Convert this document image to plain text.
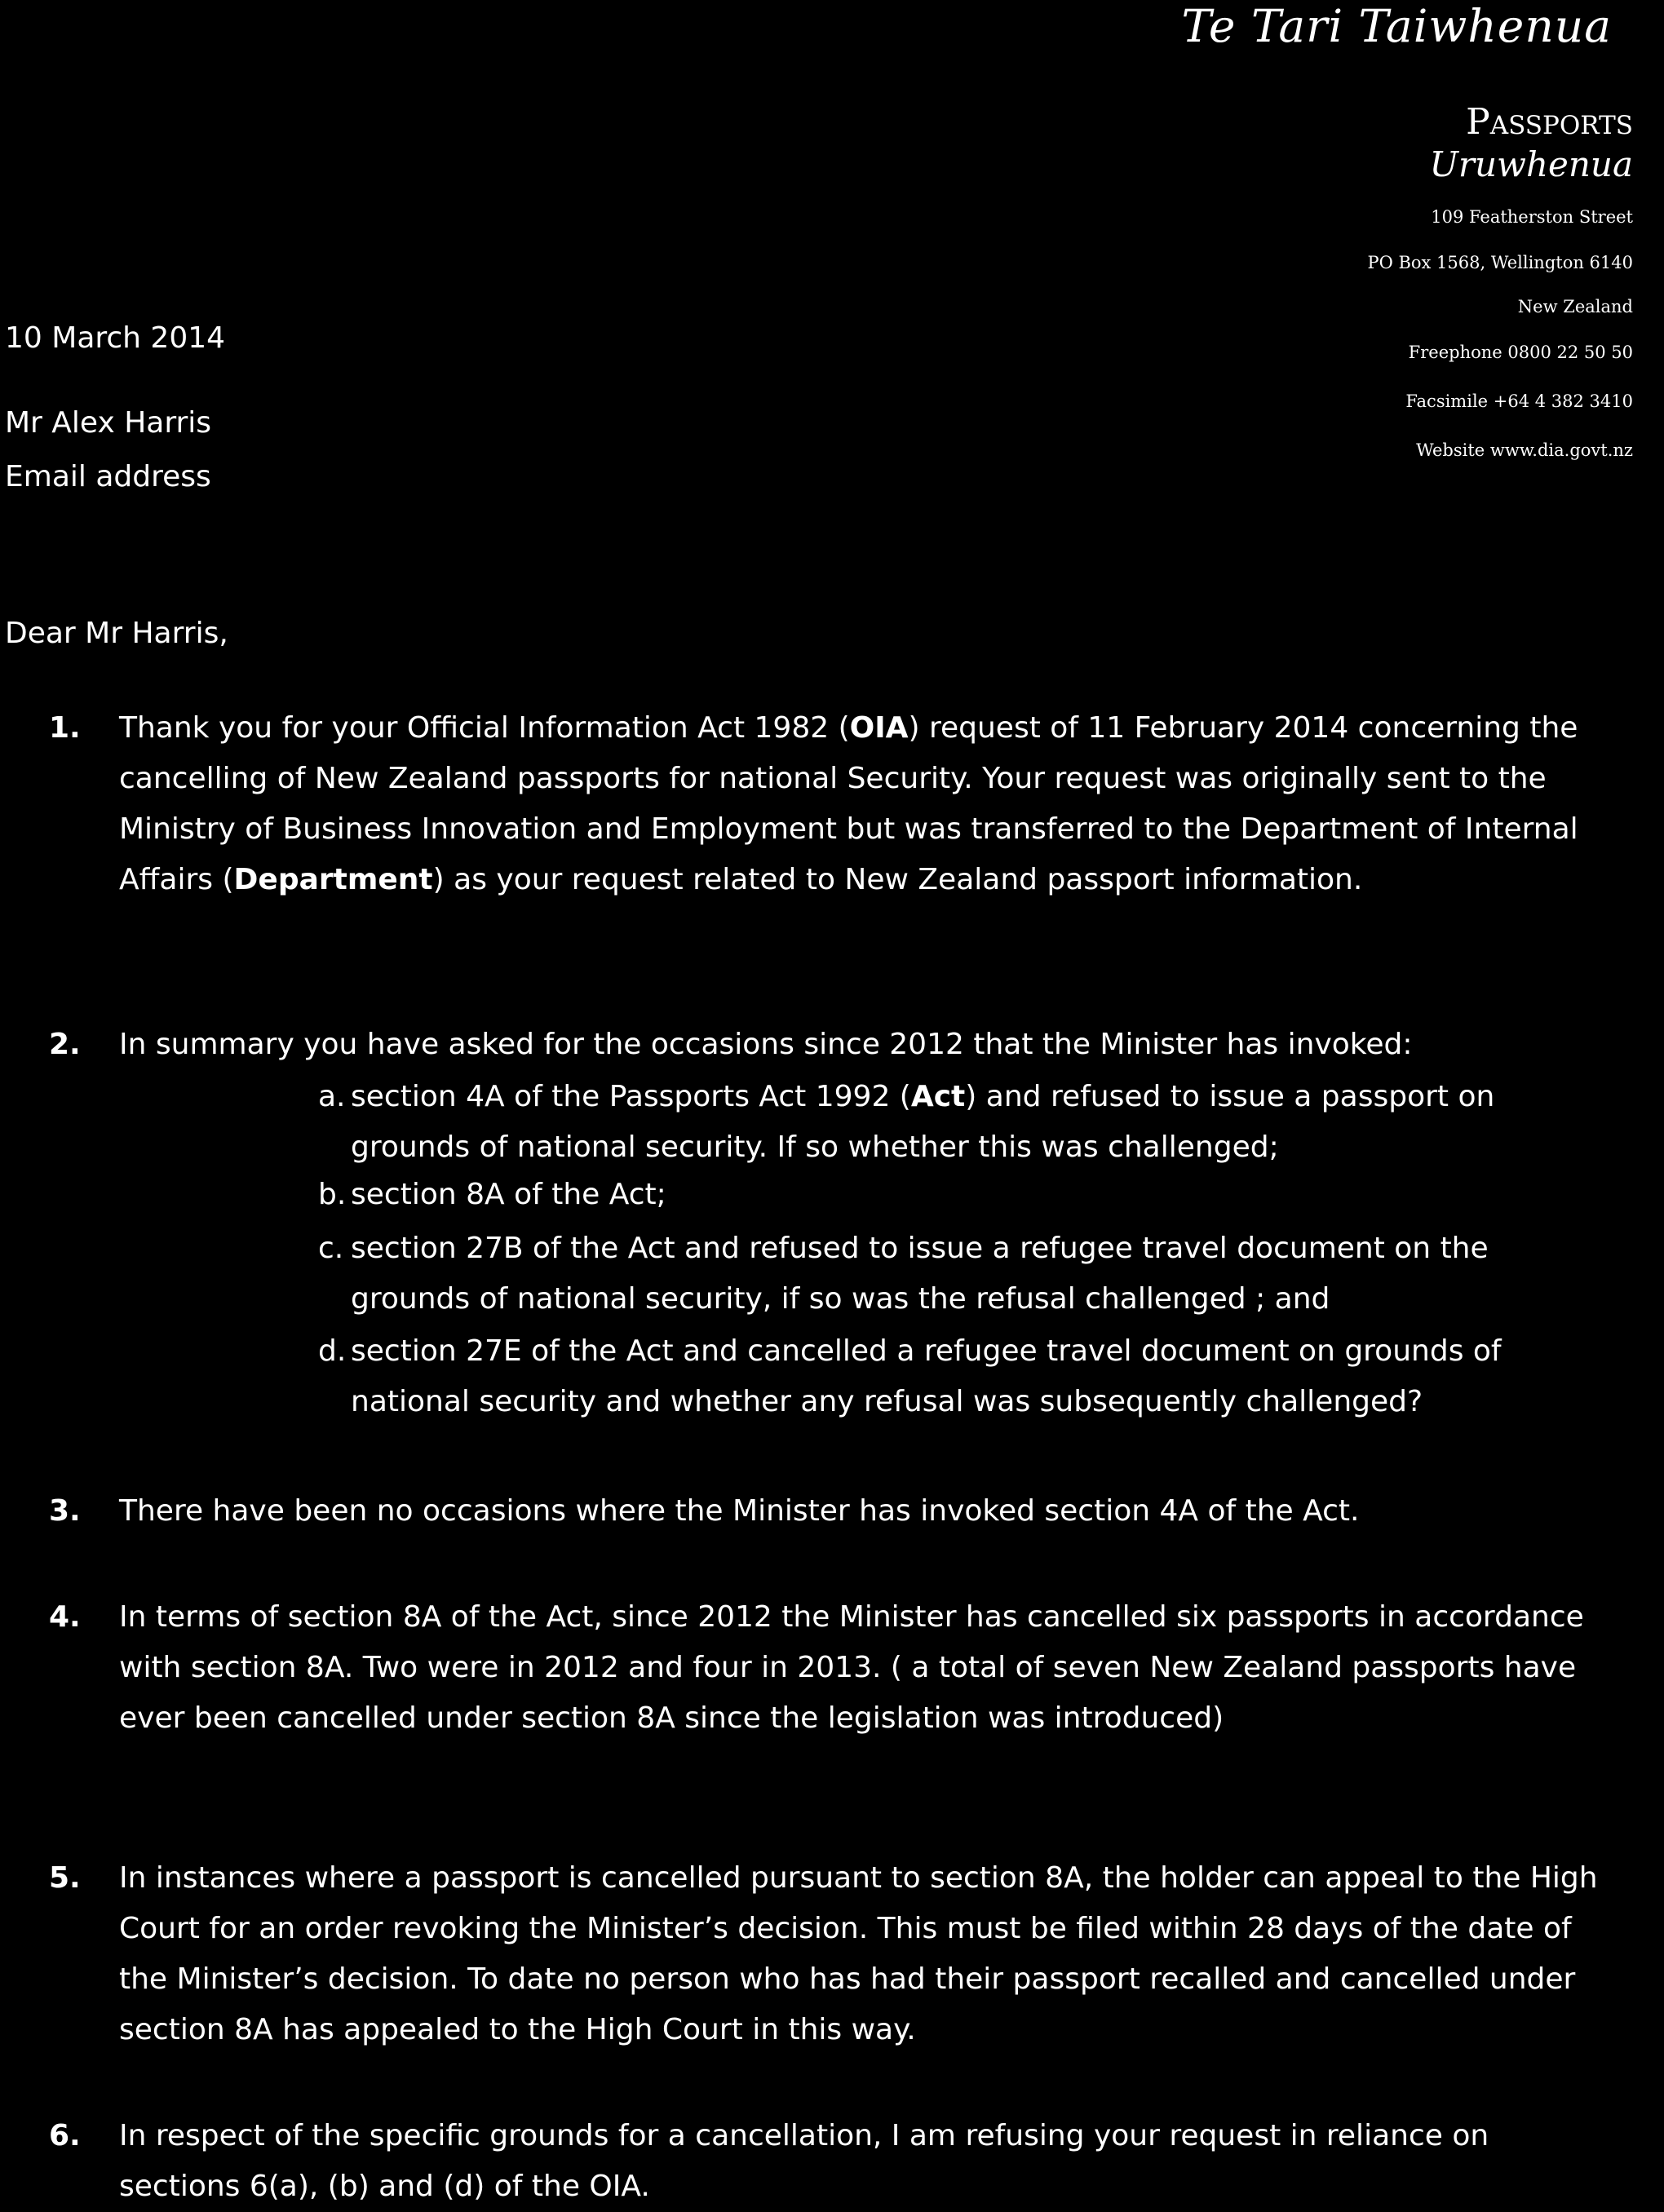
Te Tari Taiwhenua
Passports
Uruwhenua
109 Featherston Street
PO Box 1568, Wellington 6140
New Zealand
Freephone 0800 22 50 50
Facsimile +64 4 382 3410
Website www.dia.govt.nz
10 March 2014
Mr Alex Harris
Email address
Dear Mr Harris,
1. Thank you for your Official Information Act 1982 (OIA) request of 11 February 2014 concerning the cancelling of New Zealand passports for national Security. Your request was originally sent to the Ministry of Business Innovation and Employment but was transferred to the Department of Internal Affairs (Department) as your request related to New Zealand passport information.
2. In summary you have asked for the occasions since 2012 that the Minister has invoked:
a. section 4A of the Passports Act 1992 (Act) and refused to issue a passport on grounds of national security. If so whether this was challenged;
b. section 8A of the Act;
c. section 27B of the Act and refused to issue a refugee travel document on the grounds of national security, if so was the refusal challenged ; and
d. section 27E of the Act and cancelled a refugee travel document on grounds of national security and whether any refusal was subsequently challenged?
3. There have been no occasions where the Minister has invoked section 4A of the Act.
4. In terms of section 8A of the Act, since 2012 the Minister has cancelled six passports in accordance with section 8A. Two were in 2012 and four in 2013. ( a total of seven New Zealand passports have ever been cancelled under section 8A since the legislation was introduced)
5. In instances where a passport is cancelled pursuant to section 8A, the holder can appeal to the High Court for an order revoking the Minister’s decision. This must be filed within 28 days of the date of the Minister’s decision. To date no person who has had their passport recalled and cancelled under section 8A has appealed to the High Court in this way.
6. In respect of the specific grounds for a cancellation, I am refusing your request in reliance on sections 6(a), (b) and (d) of the OIA.
